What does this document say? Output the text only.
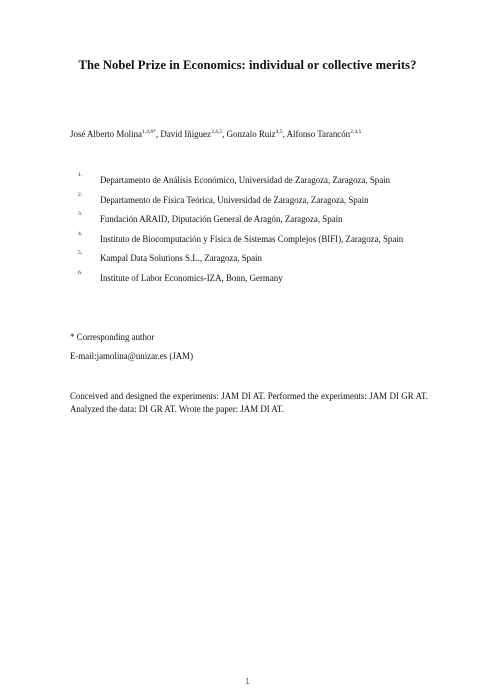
The Nobel Prize in Economics: individual or collective merits?
José Alberto Molina$^{1,4,6*}$, David Iñiguez$^{3,4,5}$, Gonzalo Ruiz$^{4,5}$, Alfonso Tarancón$^{2,4,5}$
1. Departamento de Análisis Económico, Universidad de Zaragoza, Zaragoza, Spain
2. Departamento de Física Teórica, Universidad de Zaragoza, Zaragoza, Spain
3. Fundación ARAID, Diputación General de Aragón, Zaragoza, Spain
4. Instituto de Biocomputación y Física de Sistemas Complejos (BIFI), Zaragoza, Spain
5. Kampal Data Solutions S.L., Zaragoza, Spain
6. Institute of Labor Economics-IZA, Bonn, Germany
* Corresponding author
E-mail:jamolina@unizar.es (JAM)
Conceived and designed the experiments: JAM DI AT. Performed the experiments: JAM DI GR AT. Analyzed the data: DI GR AT. Wrote the paper: JAM DI AT.
1
